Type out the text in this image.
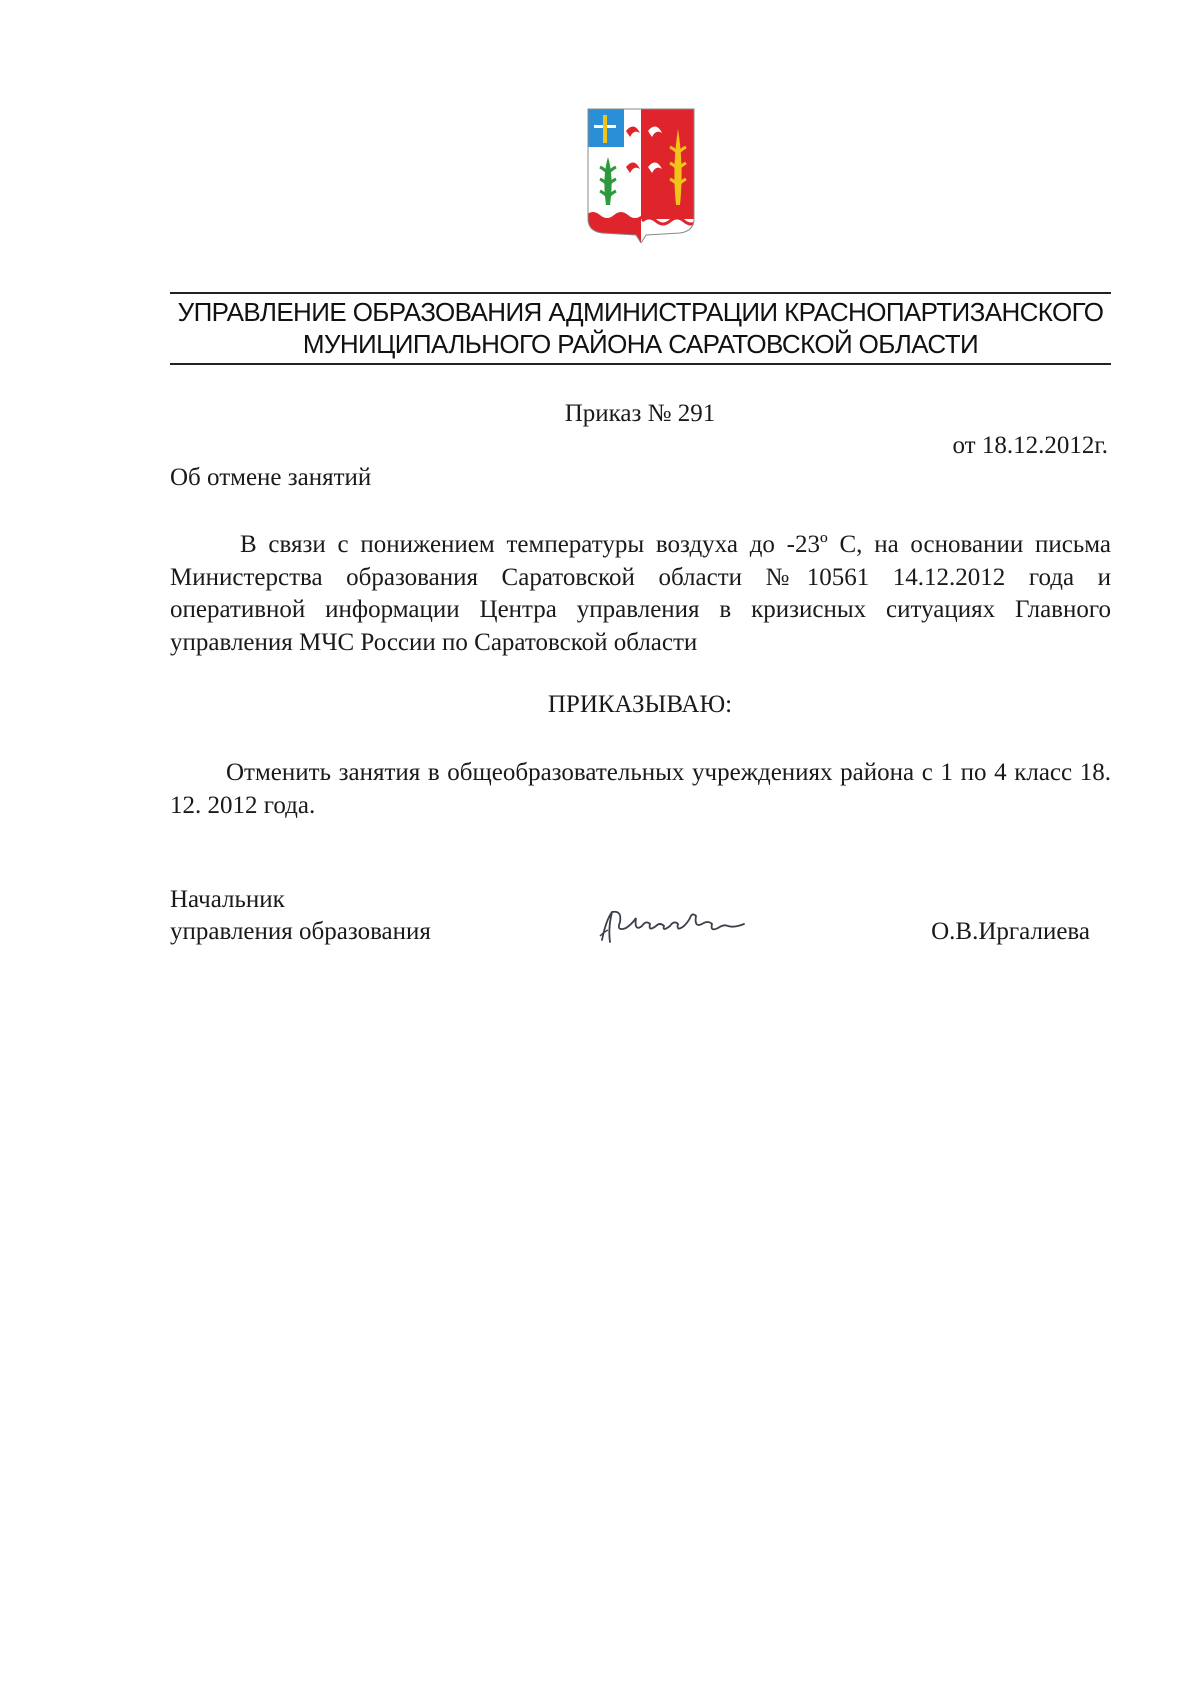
УПРАВЛЕНИЕ ОБРАЗОВАНИЯ АДМИНИСТРАЦИИ КРАСНОПАРТИЗАНСКОГО
МУНИЦИПАЛЬНОГО РАЙОНА САРАТОВСКОЙ ОБЛАСТИ
Приказ № 291
от 18.12.2012г.
Об отмене занятий
В связи с понижением температуры воздуха до -23º С, на основании письма Министерства образования Саратовской области №10561 14.12.2012 года и оперативной информации Центра управления в кризисных ситуациях Главного управления МЧС России по Саратовской области
ПРИКАЗЫВАЮ:
Отменить занятия в общеобразовательных учреждениях района с 1 по 4 класс 18. 12. 2012 года.
Начальник
управления образования	О.В.Иргалиева
